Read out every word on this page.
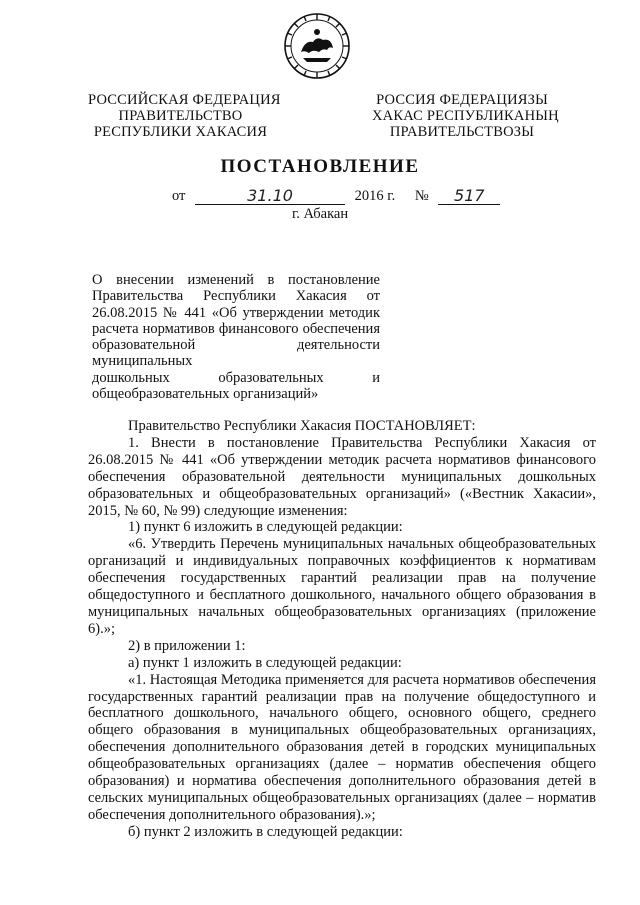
РОССИЙСКАЯ ФЕДЕРАЦИЯ
ПРАВИТЕЛЬСТВО
РЕСПУБЛИКИ ХАКАСИЯ
РОССИЯ ФЕДЕРАЦИЯЗЫ
ХАКАС РЕСПУБЛИКАНЫҢ
ПРАВИТЕЛЬСТВОЗЫ
ПОСТАНОВЛЕНИЕ
от	31.10	2016 г. № 517
г. Абакан
О внесении изменений в постановление
Правительства Республики Хакасия от
26.08.2015 № 441 «Об утверждении методик
расчета нормативов финансового обеспечения
образовательной деятельности муниципальных
дошкольных образовательных и
общеобразовательных организаций»

Правительство Республики Хакасия ПОСТАНОВЛЯЕТ:

1. Внести в постановление Правительства Республики Хакасия от 26.08.2015 № 441 «Об утверждении методик расчета нормативов финансового обеспечения образовательной деятельности муниципальных дошкольных образовательных и общеобразовательных организаций» («Вестник Хакасии», 2015, № 60, № 99) следующие изменения:

1) пункт 6 изложить в следующей редакции:

«6. Утвердить Перечень муниципальных начальных общеобразовательных организаций и индивидуальных поправочных коэффициентов к нормативам обеспечения государственных гарантий реализации прав на получение общедоступного и бесплатного дошкольного, начального общего образования в муниципальных начальных общеобразовательных организациях (приложение 6).»;

2) в приложении 1:

а) пункт 1 изложить в следующей редакции:

«1. Настоящая Методика применяется для расчета нормативов обеспечения государственных гарантий реализации прав на получение общедоступного и бесплатного дошкольного, начального общего, основного общего, среднего общего образования в муниципальных общеобразовательных организациях, обеспечения дополнительного образования детей в городских муниципальных общеобразовательных организациях (далее – норматив обеспечения общего образования) и норматива обеспечения дополнительного образования детей в сельских муниципальных общеобразовательных организациях (далее – норматив обеспечения дополнительного образования).»;

б) пункт 2 изложить в следующей редакции:
